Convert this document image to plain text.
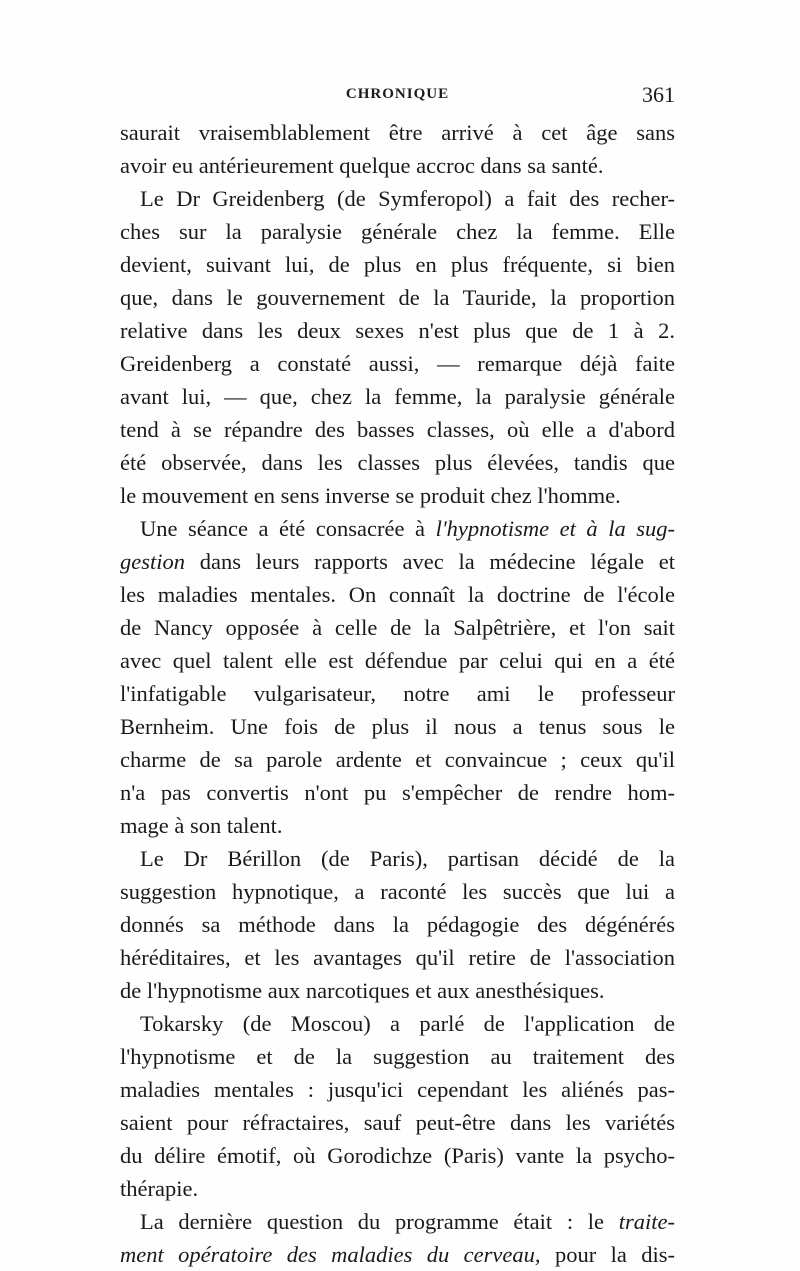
CHRONIQUE	361
saurait vraisemblablement être arrivé à cet âge sans
avoir eu antérieurement quelque accroc dans sa santé.
Le Dr Greidenberg (de Symferopol) a fait des recher-
ches sur la paralysie générale chez la femme. Elle
devient, suivant lui, de plus en plus fréquente, si bien
que, dans le gouvernement de la Tauride, la proportion
relative dans les deux sexes n'est plus que de 1 à 2.
Greidenberg a constaté aussi, — remarque déjà faite
avant lui, — que, chez la femme, la paralysie générale
tend à se répandre des basses classes, où elle a d'abord
été observée, dans les classes plus élevées, tandis que
le mouvement en sens inverse se produit chez l'homme.
Une séance a été consacrée à l'hypnotisme et à la sug-
gestion dans leurs rapports avec la médecine légale et
les maladies mentales. On connaît la doctrine de l'école
de Nancy opposée à celle de la Salpêtrière, et l'on sait
avec quel talent elle est défendue par celui qui en a été
l'infatigable vulgarisateur, notre ami le professeur
Bernheim. Une fois de plus il nous a tenus sous le
charme de sa parole ardente et convaincue ; ceux qu'il
n'a pas convertis n'ont pu s'empêcher de rendre hom-
mage à son talent.
Le Dr Bérillon (de Paris), partisan décidé de la
suggestion hypnotique, a raconté les succès que lui a
donnés sa méthode dans la pédagogie des dégénérés
héréditaires, et les avantages qu'il retire de l'association
de l'hypnotisme aux narcotiques et aux anesthésiques.
Tokarsky (de Moscou) a parlé de l'application de
l'hypnotisme et de la suggestion au traitement des
maladies mentales : jusqu'ici cependant les aliénés pas-
saient pour réfractaires, sauf peut-être dans les variétés
du délire émotif, où Gorodichze (Paris) vante la psycho-
thérapie.
La dernière question du programme était : le traite-
ment opératoire des maladies du cerveau, pour la dis-
